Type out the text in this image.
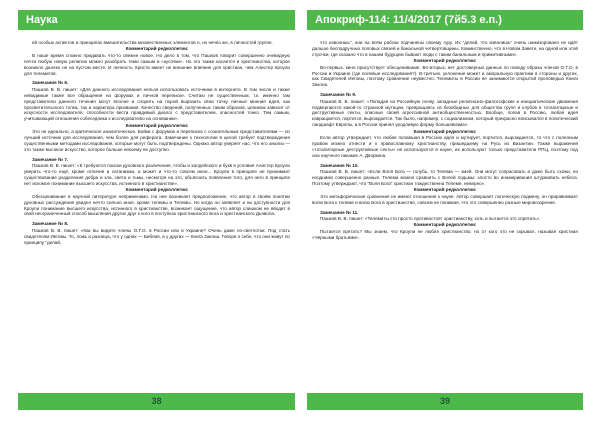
Наука	Апокриф-114: 11/4/2017 (7й5.3 е.п.)

ей особых аспектов и принципах вмешательства множественных элементов н, но нечно же, в личностей группе.

Комментарий редколлегии:

В наше время сложно придавать что-то свежее новое. Но дело в том, что Пашков говорит совершенно очевидную почти любую новую религию можно разобрать теми самым и «кусочки». Но это также касается и христианства, которое возникло далеко не на пустом месте. И личность Христа имеет не внешние влияние для христиан, чем Алистер Кроули для телемитов.

Замечание № 6.

Пашков В. В. пишет: «Для данного исследования нельзя использовать источники в интернете. В том числе и также невидимые также все обращения на форумах и личной переписке. Считаю не существенным, т.к. именно там представители данного течения могут вполне и спорить на порой выразить свои точку личные мнения идея, как просветительского толка, так и характера призвания. Качество сведений, полученных таким образом, целиком зависит от искусности исследователя, способности вести правдивый диалог с представителем, опасностей тонко. Тем самым, учитывающий отношения собеседника к исследователю на основании».

Комментарий редколлегии:

Это не идеально, а критическое аналитическое. Бойки с форумов и переписка с сознательным представителями — по лучший источник для исследования, чем более для реферата. Замечание к технологии в целой требует подтверждения существенными методами исследования, которые могут быть подтверждены. Однако автор уверяет нас, что его анализ — это также высокое искусство, которое больше некоему не доступно.

Замечание № 7.

Пашков В. В. пишет: «К требуются поиски духовного различения, чтобы и халдейского и букв в условия Алистер Кроули уверить что-то ещё, кроме отличия и сатанизма, а может и что-то совсем иное... Кроули в принципе не принимает существование разделения добра и зла, света и тьмы, несмотря на это, объяснить появления того, для него в принципе нет искомое понимание высшего искусства, истинного в христианстве».

Комментарий редколлегии:

Обесценивание в научной литературе неприменимо. На нее возникает предположение, что автор в своём понятии духовных рассуждения увидел нечто сильно иное, кроме телемы и Телемы. Но когда он заявляет и ни доступности для Кроули понимание высшего искусства, истинного в христианстве, возникает ощущение, что автор слишком не вводит в свой неограниченный способ мышления других друг к кого в поступках христианского Бога и христианского Дьявола.

Замечание № 8.

Пашков В. В. пишет: «Как вы видите члены О.Т.О. в России или в Украине? Очень даже по-светлотки. Под стать свидетелям Иеговы. То, ложь и разница, что у одних — Библия, а у других — Книга Закона. Говоря о себе, что они живут по принципу "делай,

что изволишь", они на всём рабски подчинены своему гуру. Их "делай, что изволишь" очень шикизоровано не идёт дальше бесподручных половых связей и банальной четвертовщины. Коминственно, что в Новом Завете, на одной или этой строчки, где сказано что в нашем будущем бывают люди с таким банальным и примитивными».

Комментарий редколлегии:

Во-первых, кино присутствует обесценивание. Во-вторых, нет достоверных данных по поводу образа членов О.Т.О. в России и Украине (где полевые исследования?). В-третьих, уклонение может и аморальную практики в стороны и других, как Свидетелей Иеговы, поэтому сравнение неуместно. Телемиты в России не занимаются открытой проповедью Книги Закона.

Замечание № 9.

Пашков В. В. пишет: «Попадая на Российную почву, западные религиозно-философские и инициатические движения подвергаются какой-то странной мутации, превращаясь из безобидных для общества групп и клубов в тоталитарные и деструктивные секты, опасные своей агрессивной антиобщественностью. Вообще, попав в Россию, любая идея извращается, портится, вырождается. Так было, например, с социализмом, который прекрасно вписывался в политический ландшафт Европы, а в России принял уродливую форму большевизма».

Комментарий редколлегии:

Если автор утверждает, что любая попавшая в Россию идея и мутирует, портится, вырождается, то что с полноным правом можно отнести и к православному христианству, пришедшему на Русь из Византии. Также выражения «тоталитарные деструктивные секты» не используются в науке, их используют только представители РПЦ, поэтому под она научного никакие А. Дворкина.

Замечание № 10.

Пашков В. В. пишет: «Если Воля Бога — голубь, то Телема — змей. Они могут сопрасовать и даже быть схожи, но нооднимо совершенно разные. Телема можно сравнить с Волей подьмы: злосто во инамеривания штурмовать небеса. Поэтому утверждают, что "Воля Бога" христиан тождественна Телеме, неверно».

Комментарий редколлегии:

Это метафорические сравнения не имеют отношения к науке. Автор совершает логическую подмену, он приравнивает волю Бога к телеме и волю Бога в христианстве, совсем не понимая, что это совершенно разные мировоззрения.

Замечание № 11.

Пашков В. В. пишет: «Телемиты сто просто противостоят христианству, хоть и пытается это спрятать».

Комментарий редколлегии:

Пытается прятать? Мы знаем, что Кроули не любил христианство, но от кого это не скрывал, называя христиан «Чёрными братьями».

38	39
